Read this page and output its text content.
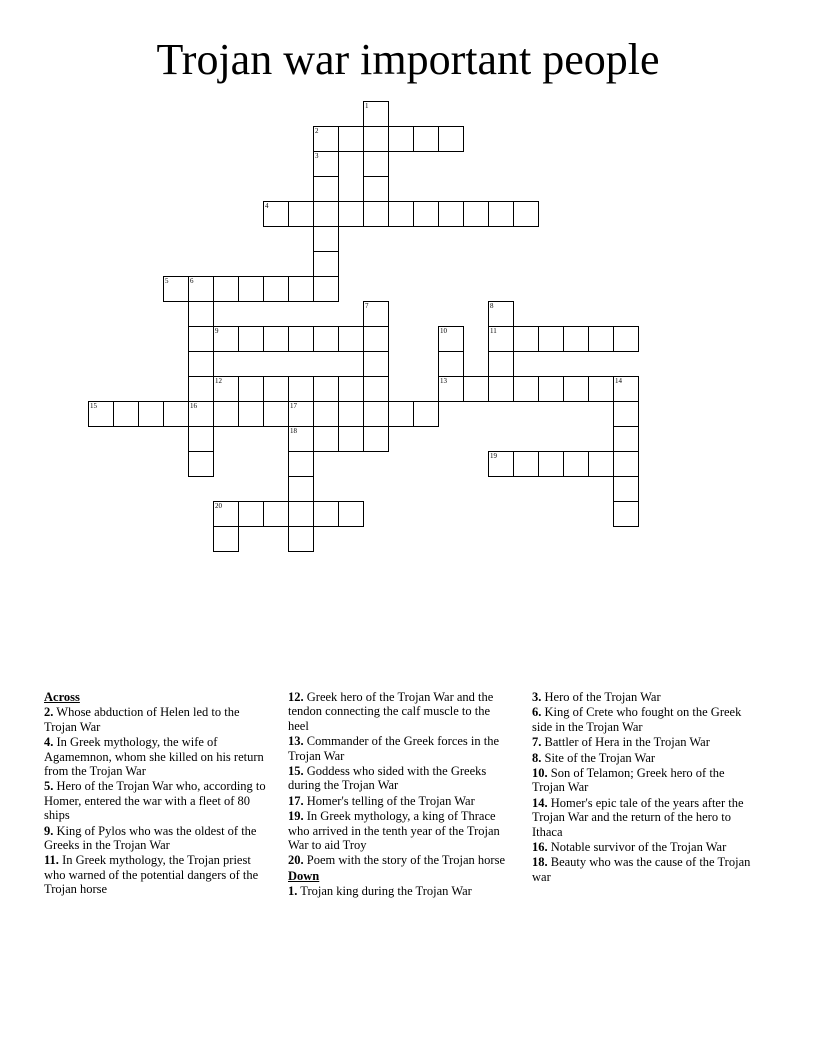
Trojan war important people
1
2
3
4
5	6
7	8
9	10	11
12	13	14
15	16	17
18
19
20
Across
2. Whose abduction of Helen led to the Trojan War
4. In Greek mythology, the wife of Agamemnon, whom she killed on his return from the Trojan War
5. Hero of the Trojan War who, according to Homer, entered the war with a fleet of 80 ships
9. King of Pylos who was the oldest of the Greeks in the Trojan War
11. In Greek mythology, the Trojan priest who warned of the potential dangers of the Trojan horse
12. Greek hero of the Trojan War and the tendon connecting the calf muscle to the heel
13. Commander of the Greek forces in the Trojan War
15. Goddess who sided with the Greeks during the Trojan War
17. Homer's telling of the Trojan War
19. In Greek mythology, a king of Thrace who arrived in the tenth year of the Trojan War to aid Troy
20. Poem with the story of the Trojan horse
Down
1. Trojan king during the Trojan War
3. Hero of the Trojan War
6. King of Crete who fought on the Greek side in the Trojan War
7. Battler of Hera in the Trojan War
8. Site of the Trojan War
10. Son of Telamon; Greek hero of the Trojan War
14. Homer's epic tale of the years after the Trojan War and the return of the hero to Ithaca
16. Notable survivor of the Trojan War
18. Beauty who was the cause of the Trojan war
